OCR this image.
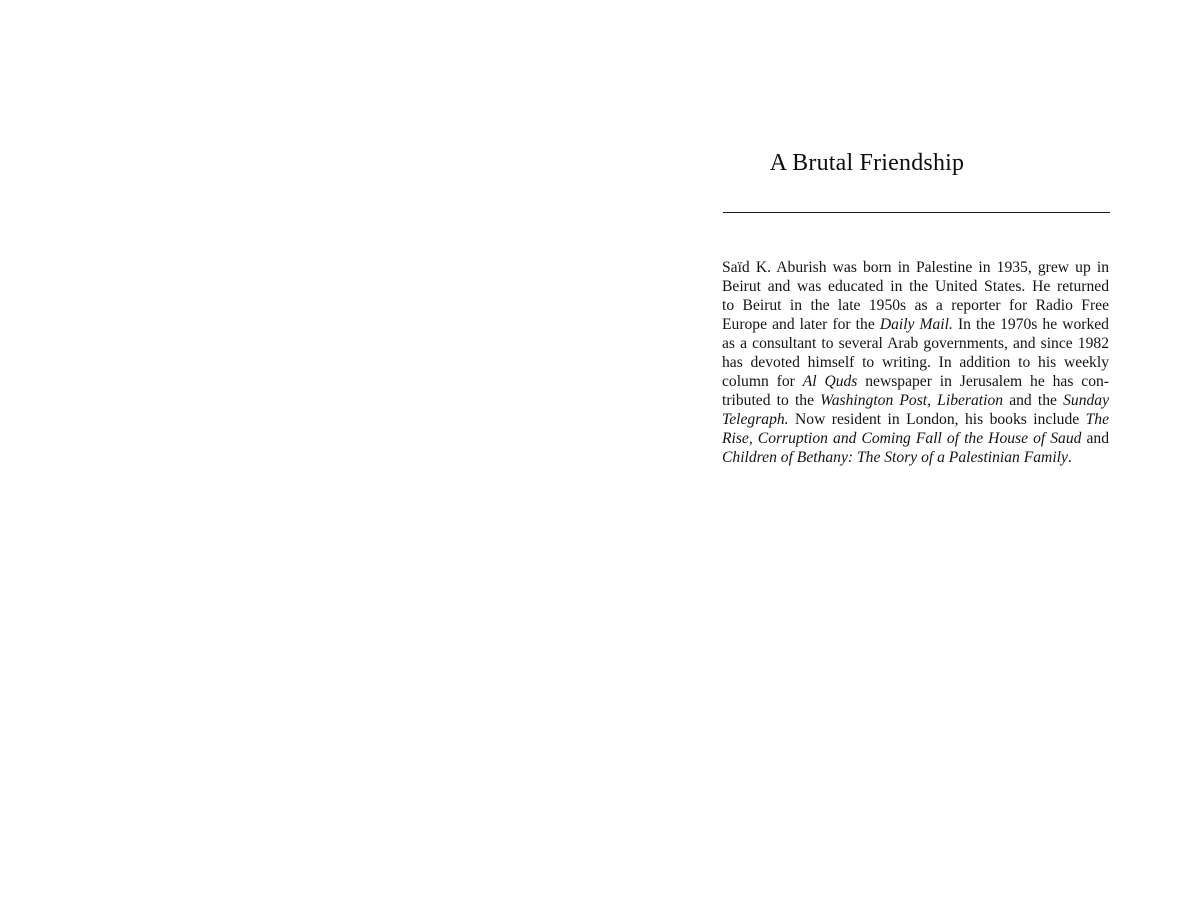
A Brutal Friendship

Saïd K. Aburish was born in Palestine in 1935, grew up in
Beirut and was educated in the United States. He returned
to Beirut in the late 1950s as a reporter for Radio Free
Europe and later for the Daily Mail. In the 1970s he worked
as a consultant to several Arab governments, and since 1982
has devoted himself to writing. In addition to his weekly
column for Al Quds newspaper in Jerusalem he has con-
tributed to the Washington Post, Liberation and the Sunday
Telegraph. Now resident in London, his books include The
Rise, Corruption and Coming Fall of the House of Saud and
Children of Bethany: The Story of a Palestinian Family.
